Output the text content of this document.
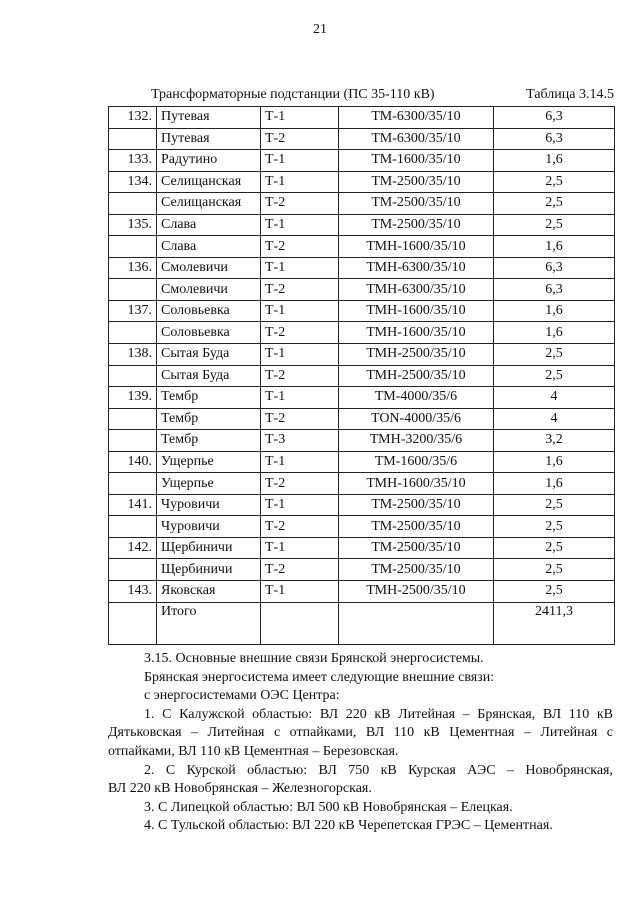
21
Трансформаторные подстанции (ПС 35-110 кВ)	Таблица 3.14.5
132.	Путевая	Т-1	ТМ-6300/35/10	6,3
	Путевая	Т-2	ТМ-6300/35/10	6,3
133.	Радутино	Т-1	ТМ-1600/35/10	1,6
134.	Селищанская	Т-1	ТМ-2500/35/10	2,5
	Селищанская	Т-2	ТМ-2500/35/10	2,5
135.	Слава	Т-1	ТМ-2500/35/10	2,5
	Слава	Т-2	ТМН-1600/35/10	1,6
136.	Смолевичи	Т-1	ТМН-6300/35/10	6,3
	Смолевичи	Т-2	ТМН-6300/35/10	6,3
137.	Соловьевка	Т-1	ТМН-1600/35/10	1,6
	Соловьевка	Т-2	ТМН-1600/35/10	1,6
138.	Сытая Буда	Т-1	ТМН-2500/35/10	2,5
	Сытая Буда	Т-2	ТМН-2500/35/10	2,5
139.	Тембр	Т-1	ТМ-4000/35/6	4
	Тембр	Т-2	TON-4000/35/6	4
	Тембр	Т-3	ТМН-3200/35/6	3,2
140.	Ущерпье	Т-1	ТМ-1600/35/6	1,6
	Ущерпье	Т-2	ТМН-1600/35/10	1,6
141.	Чуровичи	Т-1	ТМ-2500/35/10	2,5
	Чуровичи	Т-2	ТМ-2500/35/10	2,5
142.	Щербиничи	Т-1	ТМ-2500/35/10	2,5
	Щербиничи	Т-2	ТМ-2500/35/10	2,5
143.	Яковская	Т-1	ТМН-2500/35/10	2,5
	Итого			2411,3

3.15. Основные внешние связи Брянской энергосистемы.

Брянская энергосистема имеет следующие внешние связи:

с энергосистемами ОЭС Центра:

1. С Калужской областью: ВЛ 220 кВ Литейная – Брянская, ВЛ 110 кВ

Дятьковская – Литейная с отпайками, ВЛ 110 кВ Цементная – Литейная с

отпайками, ВЛ 110 кВ Цементная – Березовская.

2. С Курской областью: ВЛ 750 кВ Курская АЭС – Новобрянская,

ВЛ 220 кВ Новобрянская – Железногорская.

3. С Липецкой областью: ВЛ 500 кВ Новобрянская – Елецкая.

4. С Тульской областью: ВЛ 220 кВ Черепетская ГРЭС – Цементная.
